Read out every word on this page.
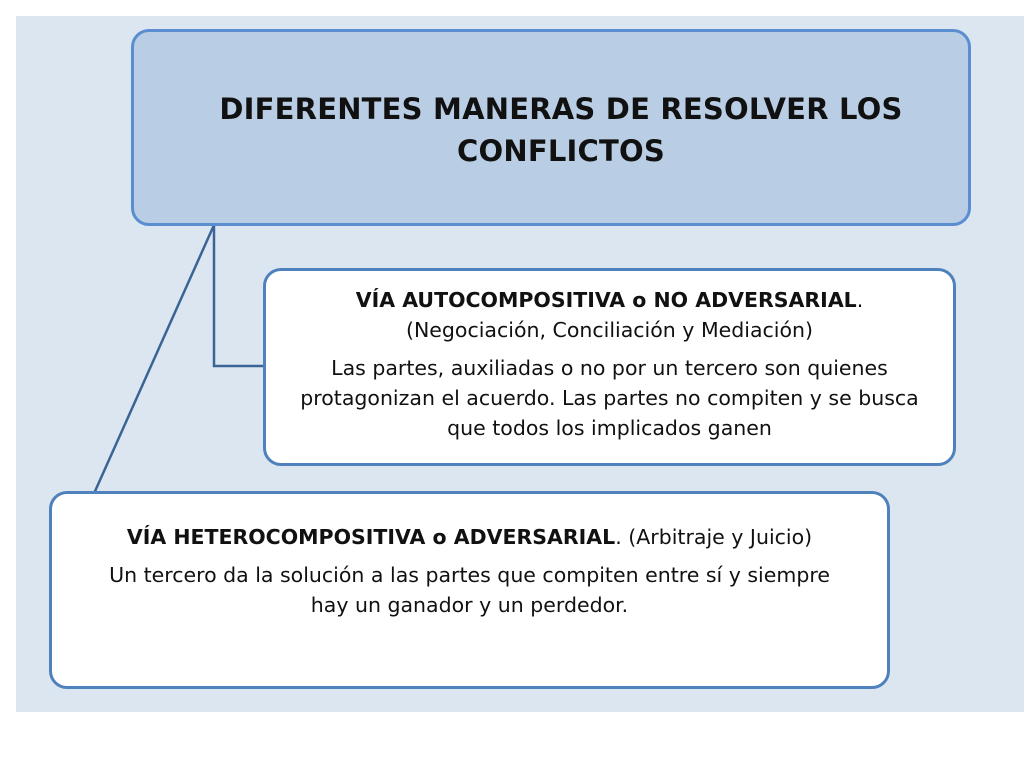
DIFERENTES MANERAS DE RESOLVER LOS CONFLICTOS

VÍA AUTOCOMPOSITIVA o NO ADVERSARIAL.
(Negociación, Conciliación y Mediación)

Las partes, auxiliadas o no por un tercero son quienes protagonizan el acuerdo. Las partes no compiten y se busca que todos los implicados ganen

VÍA HETEROCOMPOSITIVA o ADVERSARIAL. (Arbitraje y Juicio)

Un tercero da la solución a las partes que compiten entre sí y siempre hay un ganador y un perdedor.
